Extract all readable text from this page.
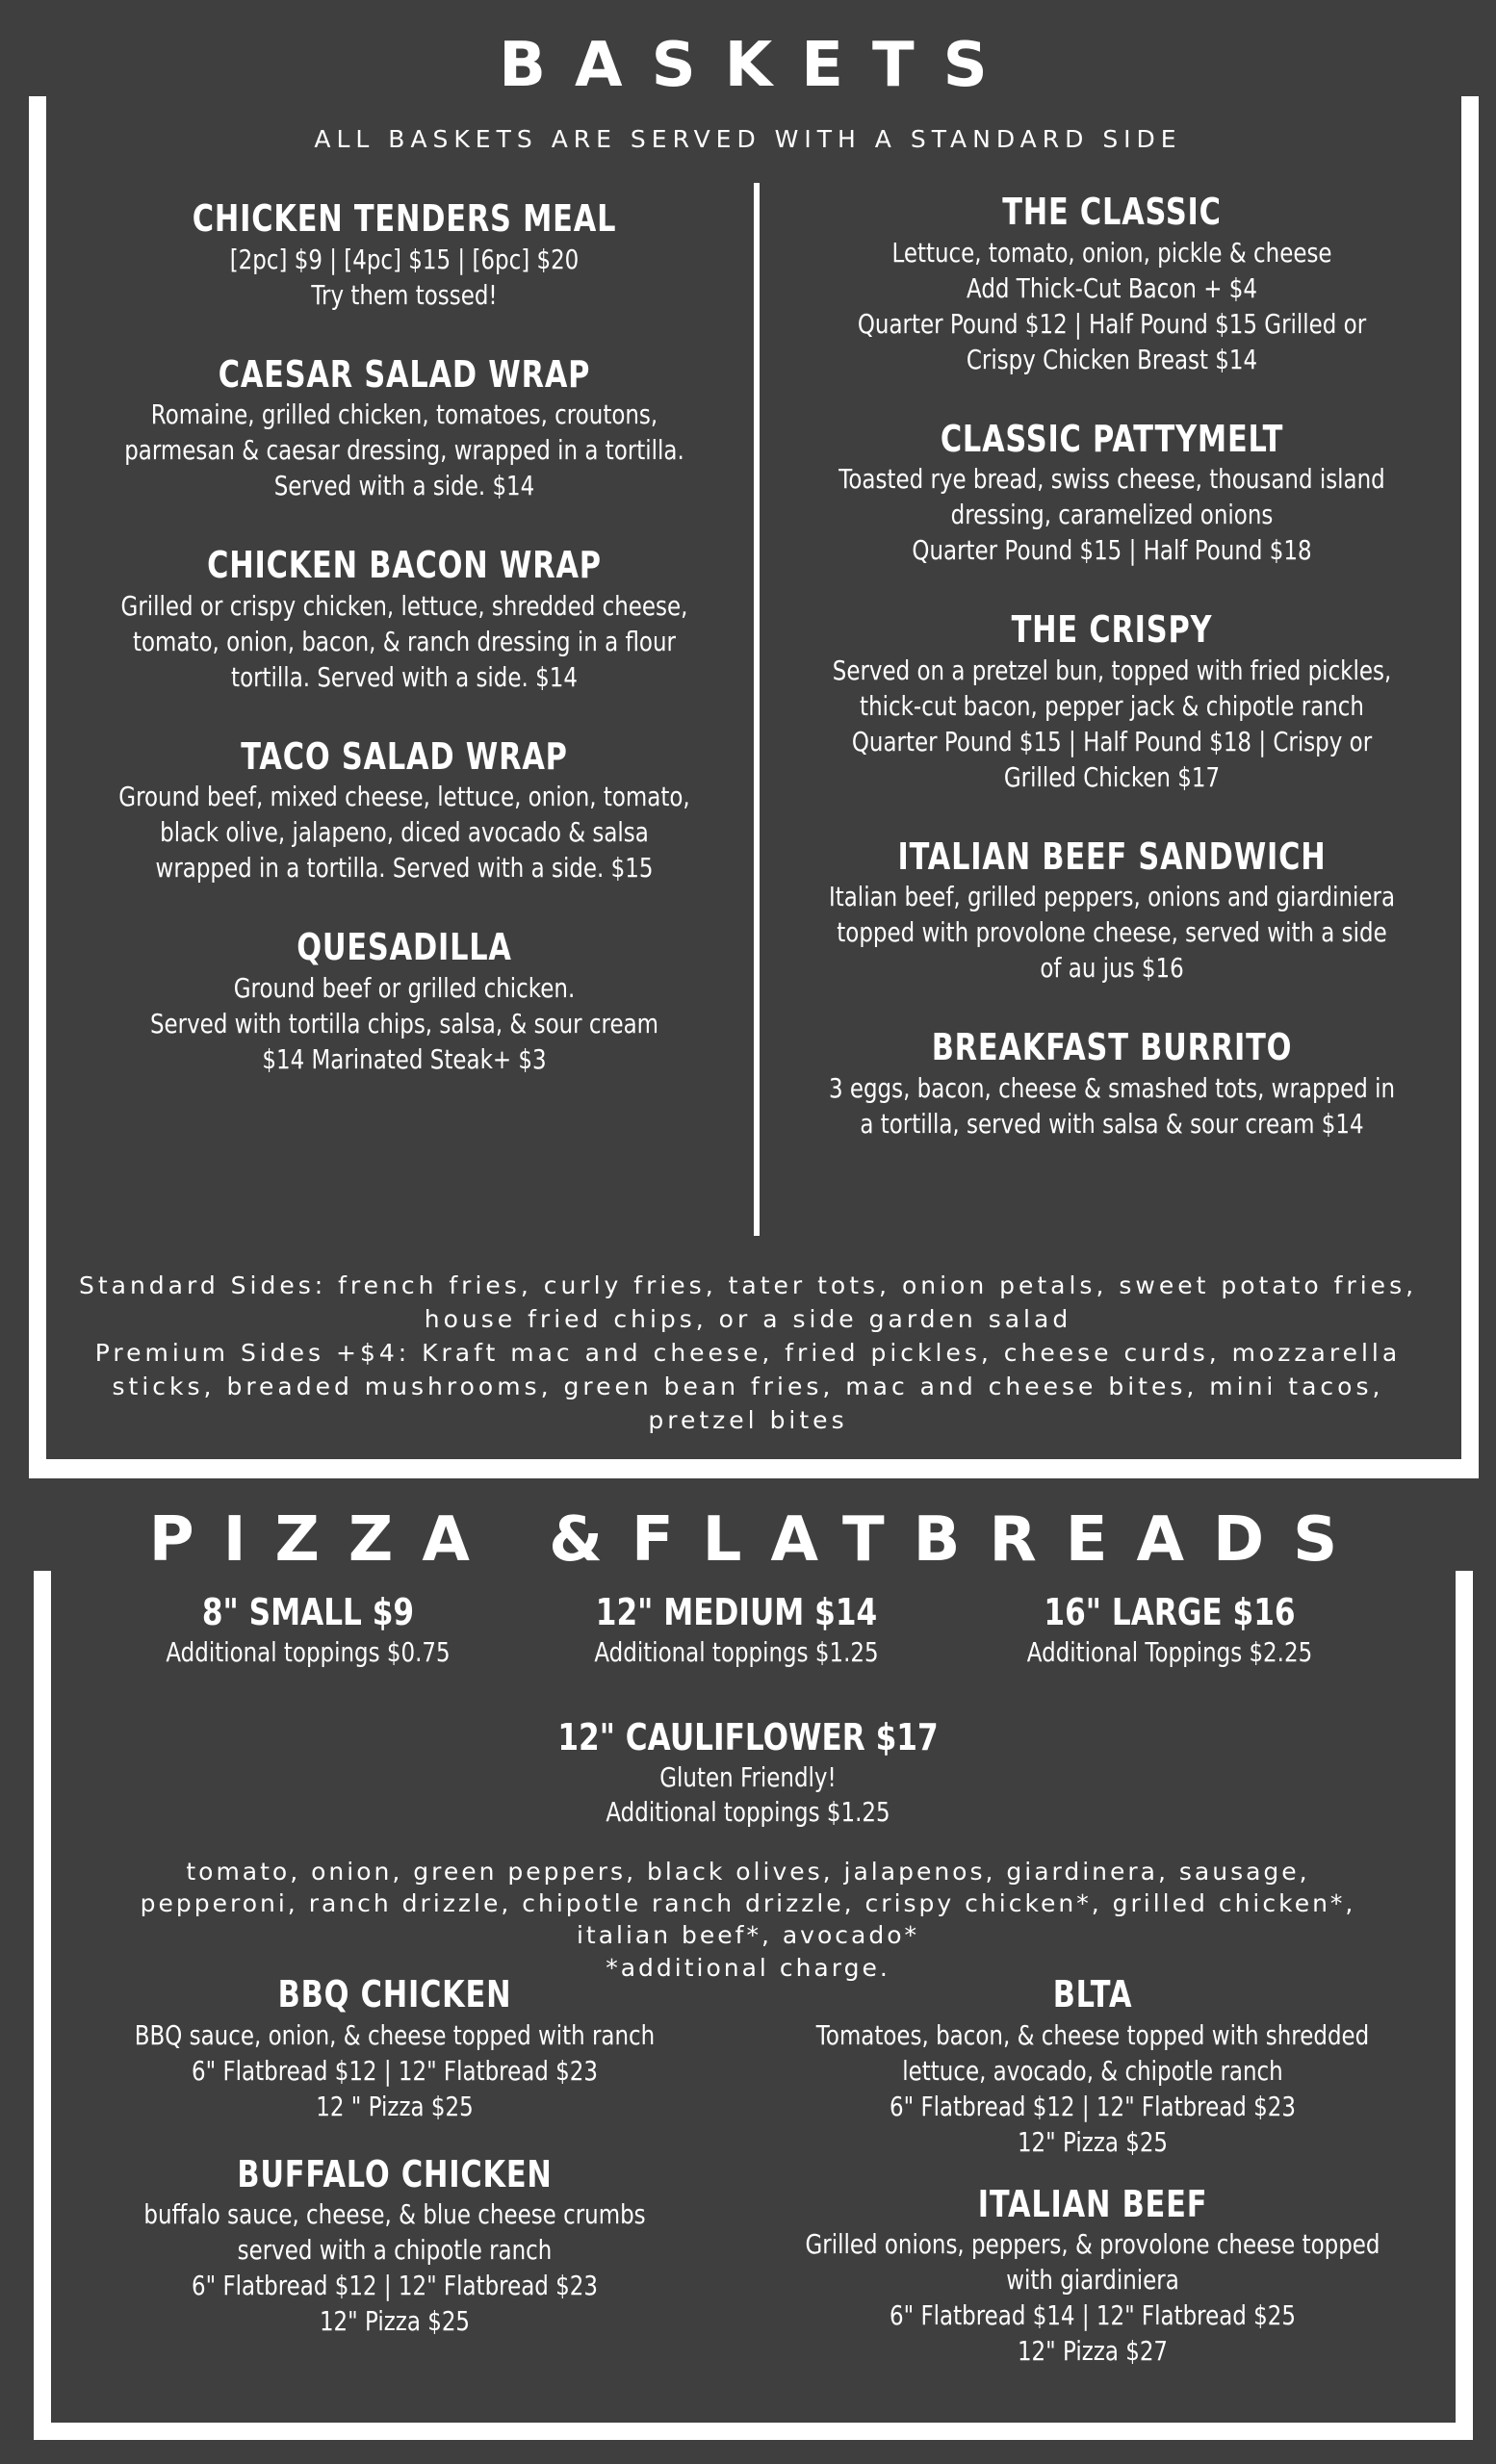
BASKETS
ALL BASKETS ARE SERVED WITH A STANDARD SIDE
CHICKEN TENDERS MEAL
[2pc] $9 | [4pc] $15 | [6pc] $20
Try them tossed!
CAESAR SALAD WRAP
Romaine, grilled chicken, tomatoes, croutons, parmesan & caesar dressing, wrapped in a tortilla.
Served with a side. $14
CHICKEN BACON WRAP
Grilled or crispy chicken, lettuce, shredded cheese, tomato, onion, bacon, & ranch dressing in a flour tortilla. Served with a side. $14
TACO SALAD WRAP
Ground beef, mixed cheese, lettuce, onion, tomato, black olive, jalapeno, diced avocado & salsa wrapped in a tortilla. Served with a side. $15
QUESADILLA
Ground beef or grilled chicken.
Served with tortilla chips, salsa, & sour cream
$14 Marinated Steak+ $3
THE CLASSIC
Lettuce, tomato, onion, pickle & cheese
Add Thick-Cut Bacon + $4
Quarter Pound $12 | Half Pound $15 Grilled or Crispy Chicken Breast $14
CLASSIC PATTYMELT
Toasted rye bread, swiss cheese, thousand island dressing, caramelized onions
Quarter Pound $15 | Half Pound $18
THE CRISPY
Served on a pretzel bun, topped with fried pickles, thick-cut bacon, pepper jack & chipotle ranch
Quarter Pound $15 | Half Pound $18 | Crispy or Grilled Chicken $17
ITALIAN BEEF SANDWICH
Italian beef, grilled peppers, onions and giardiniera topped with provolone cheese, served with a side of au jus $16
BREAKFAST BURRITO
3 eggs, bacon, cheese & smashed tots, wrapped in a tortilla, served with salsa & sour cream $14
Standard Sides: french fries, curly fries, tater tots, onion petals, sweet potato fries, house fried chips, or a side garden salad
Premium Sides +$4: Kraft mac and cheese, fried pickles, cheese curds, mozzarella sticks, breaded mushrooms, green bean fries, mac and cheese bites, mini tacos, pretzel bites
PIZZA &FLATBREADS
8" SMALL $9
Additional toppings $0.75
12" MEDIUM $14
Additional toppings $1.25
16" LARGE $16
Additional Toppings $2.25
12" CAULIFLOWER $17
Gluten Friendly!
Additional toppings $1.25
tomato, onion, green peppers, black olives, jalapenos, giardinera, sausage, pepperoni, ranch drizzle, chipotle ranch drizzle, crispy chicken*, grilled chicken*, italian beef*, avocado*
*additional charge.
BBQ CHICKEN
BBQ sauce, onion, & cheese topped with ranch
6" Flatbread $12 | 12" Flatbread $23
12 " Pizza $25
BUFFALO CHICKEN
buffalo sauce, cheese, & blue cheese crumbs served with a chipotle ranch
6" Flatbread $12 | 12" Flatbread $23
12" Pizza $25
BLTA
Tomatoes, bacon, & cheese topped with shredded lettuce, avocado, & chipotle ranch
6" Flatbread $12 | 12" Flatbread $23
12" Pizza $25
ITALIAN BEEF
Grilled onions, peppers, & provolone cheese topped with giardiniera
6" Flatbread $14 | 12" Flatbread $25
12" Pizza $27
